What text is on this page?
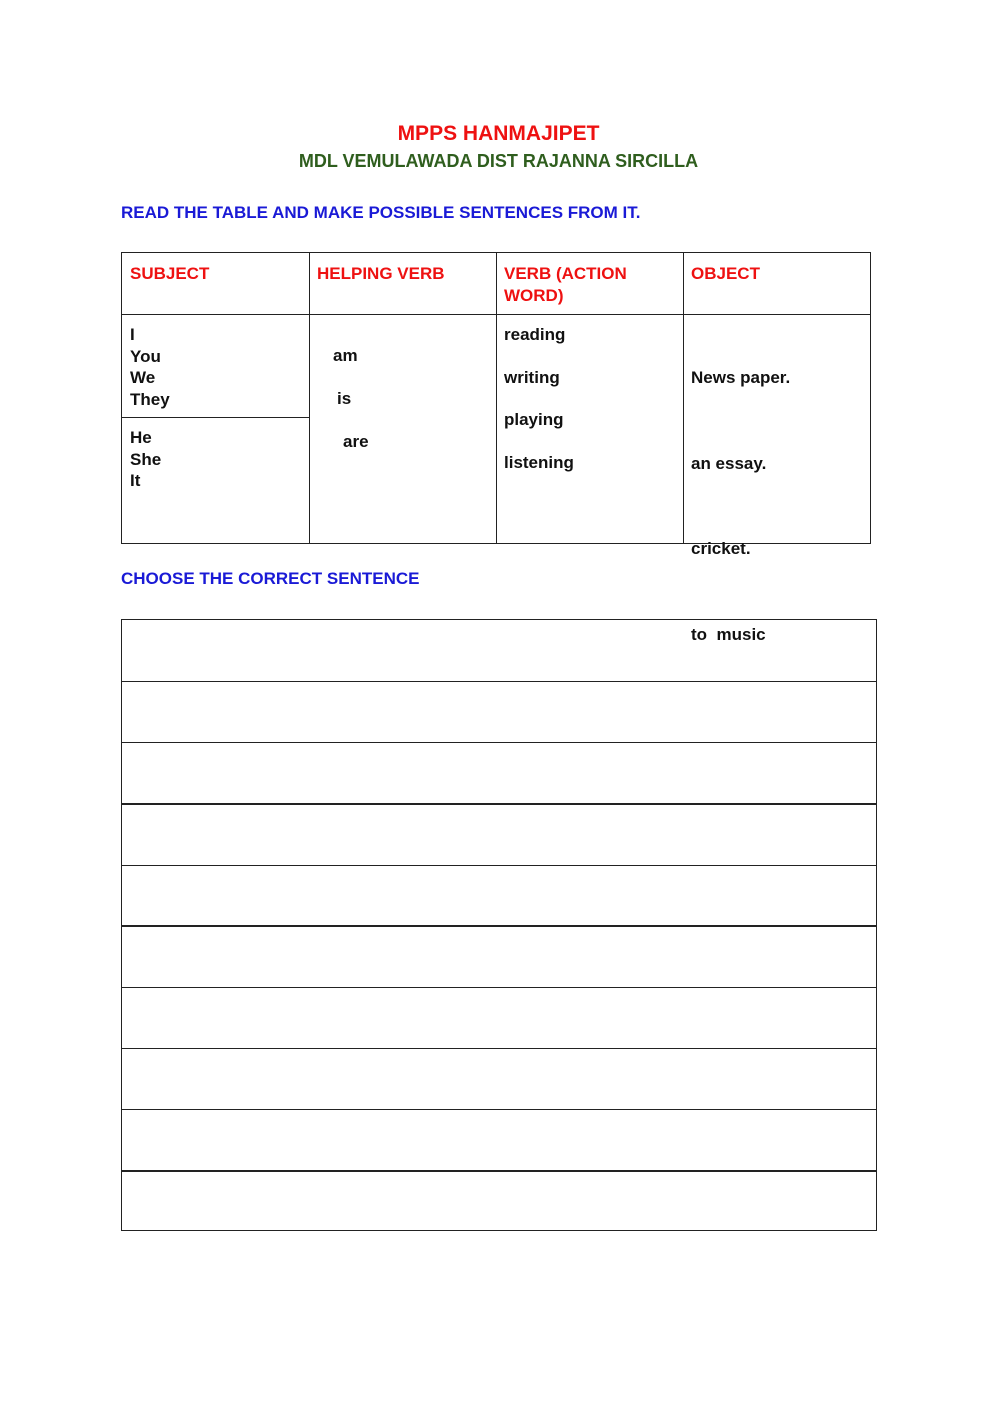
MPPS HANMAJIPET
MDL VEMULAWADA DIST RAJANNA SIRCILLA
READ THE TABLE AND MAKE POSSIBLE SENTENCES FROM IT.
SUBJECT	HELPING VERB	VERB (ACTION WORD)
OBJECT
I
You
We
They
He
She
It
am
is
are
reading
writing
playing
listening

News paper.

an essay.

cricket.

to  music

CHOOSE THE CORRECT SENTENCE
